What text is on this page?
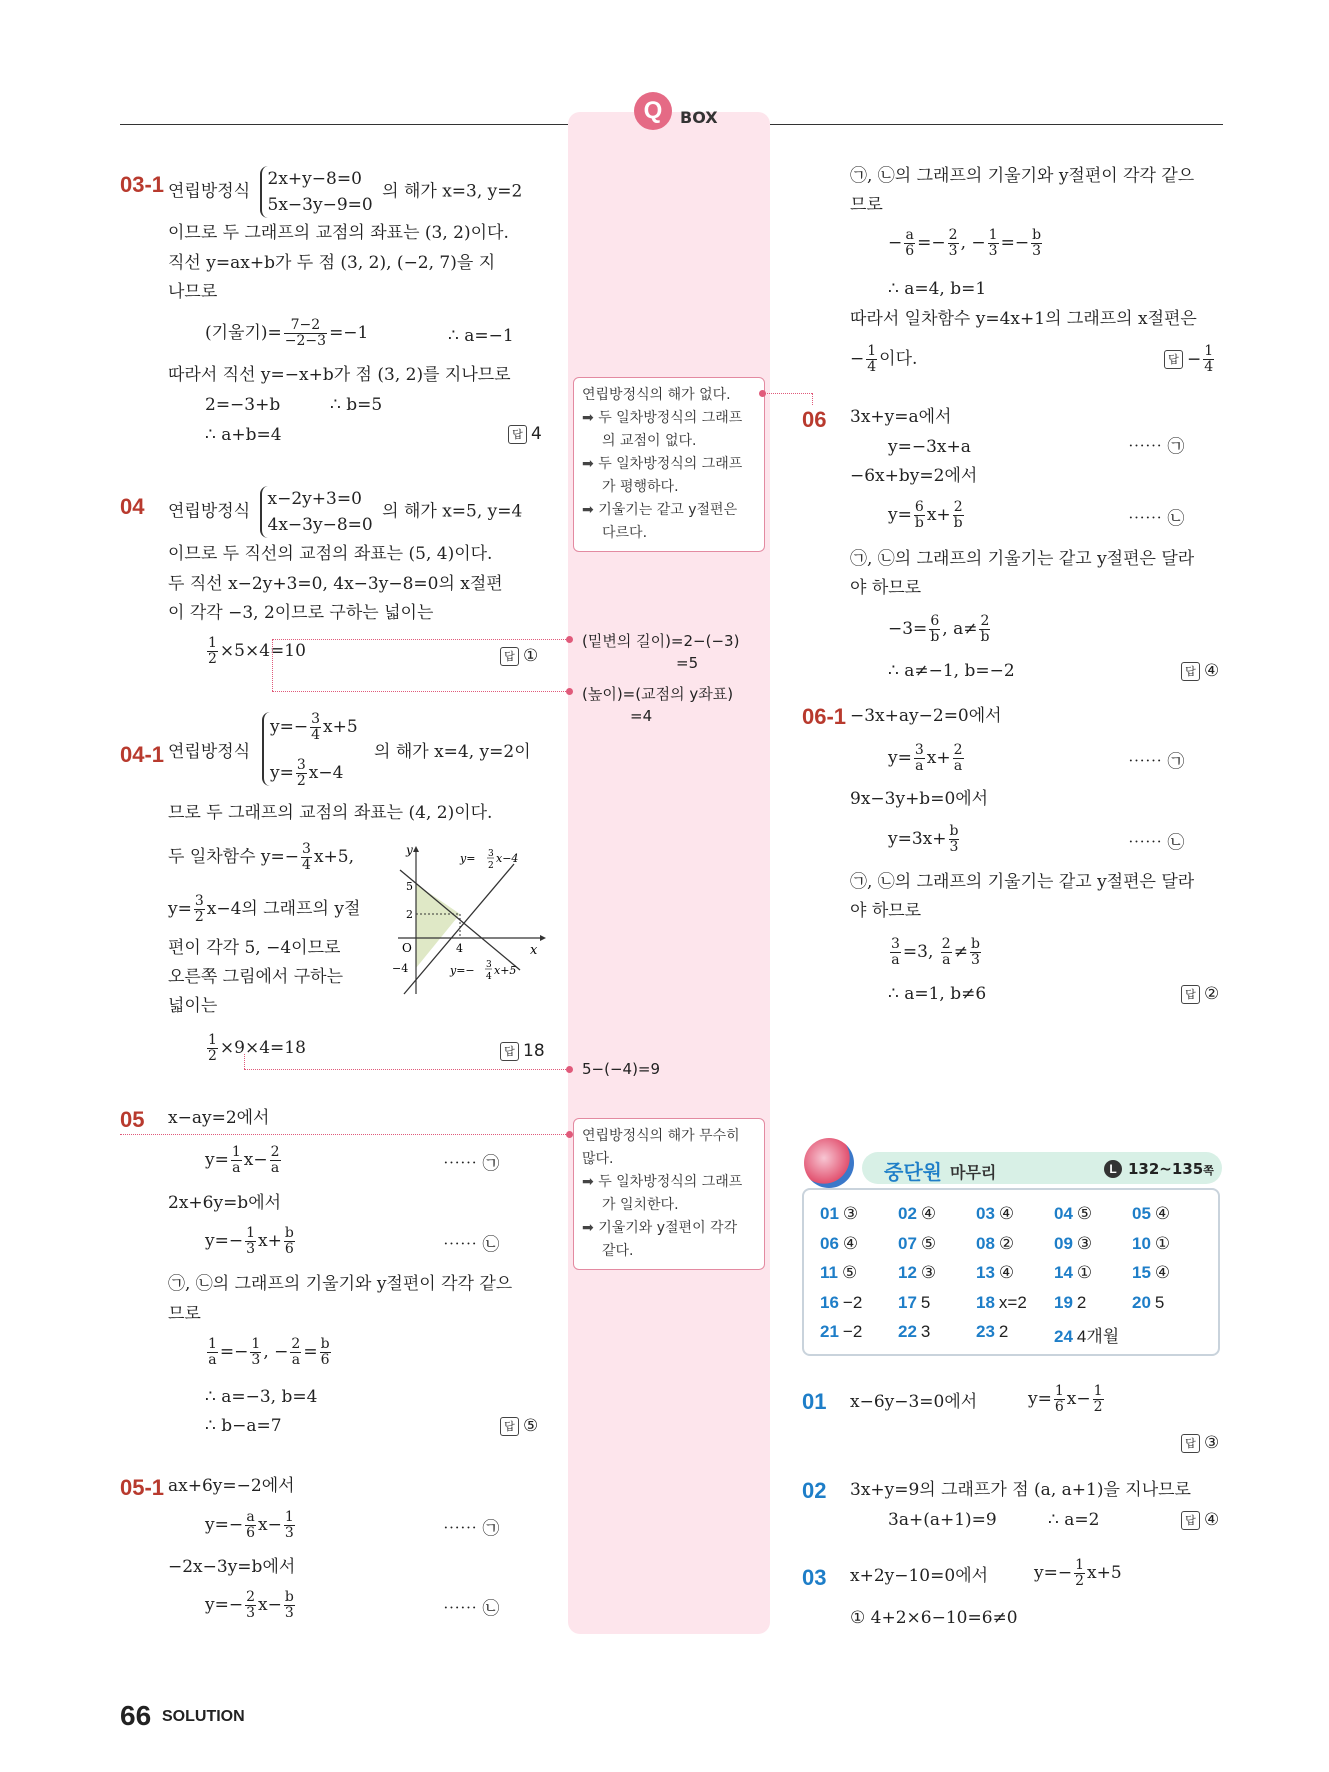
Q	BOX
03-1 연립방정식 2x+y−8=0
5x−3y−9=0 의 해가 x=3, y=2
이므로 두 그래프의 교점의 좌표는 (3, 2)이다.
직선 y=ax+b가 두 점 (3, 2), (−2, 7)을 지
나므로
(기울기)= $\frac{7-2}{-2-3} =-1$	∴ a=−1
따라서 직선 y=−x+b가 점 (3, 2)를 지나므로
2=−3+b	∴ b=5
∴ a+b=4	답 4
04 연립방정식 x−2y+3=0
4x−3y−8=0 의 해가 x=5, y=4
이므로 두 직선의 교점의 좌표는 (5, 4)이다.
두 직선 x−2y+3=0, 4x−3y−8=0의 x절편
이 각각 −3, 2이므로 구하는 넓이는
$\frac{1}{2} \times 5\times 4=10$	답 ①
04-1 연립방정식
$y=- \frac{3}{4} x+5$
$y= \frac{3}{2} x-4$
의 해가 x=4, y=2이
므로 두 그래프의 교점의 좌표는 (4, 2)이다.
두 일차함수 $y=- \frac{3}{4} x+5$,
$y= \frac{3}{2} x-4$의 그래프의 y절
편이 각각 5, −4이므로
오른쪽 그림에서 구하는
넓이는
y
x
O
5
2
4
−4
y= 3
2
x−4
y=− 3
4 x+5
$\frac{1}{2} \times 9\times 4=18$	답 18
05 x−ay=2에서
$y= \frac{1}{a} x- \frac{2}{a}$	⋯⋯ ㉠
2x+6y=b에서
$y=- \frac{1}{3} x+ \frac{b}{6}$	⋯⋯ ㉡
㉠, ㉡의 그래프의 기울기와 y절편이 각각 같으
므로
$\frac{1}{a} =- \frac{1}{3}$ , − $\frac{2}{a} = \frac{b}{6}$
∴ a=−3, b=4
∴ b−a=7	답 ⑤
05-1 ax+6y=−2에서
$y=- \frac{a}{6} x- \frac{1}{3}$	⋯⋯ ㉠
−2x−3y=b에서
$y=- \frac{2}{3} x- \frac{b}{3}$	⋯⋯ ㉡
연립방정식의 해가 없다.
➡ 두 일차방정식의 그래프
의 교점이 없다.
➡ 두 일차방정식의 그래프
가 평행하다.
➡ 기울기는 같고 y절편은
다르다.
(밑변의 길이)=2−(−3)
=5
(높이)=(교점의 y좌표)
=4
5−(−4)=9
연립방정식의 해가 무수히
많다.
➡ 두 일차방정식의 그래프
가 일치한다.
➡ 기울기와 y절편이 각각
같다.
㉠, ㉡의 그래프의 기울기와 y절편이 각각 같으
므로
− $\frac{a}{6} =- \frac{2}{3}$ , − $\frac{1}{3} =- \frac{b}{3}$
∴ a=4, b=1
따라서 일차함수 y=4x+1의 그래프의 x절편은
− $\frac{1}{4}$ 이다.	답 − $\frac{1}{4}$
06 3x+y=a에서
y=−3x+a	⋯⋯ ㉠
−6x+by=2에서
$y= \frac{6}{b} x+ \frac{2}{b}$	⋯⋯ ㉡
㉠, ㉡의 그래프의 기울기는 같고 y절편은 달라
야 하므로
$-3= \frac{6}{b}$ , $a\ne \frac{2}{b}$
∴ a≠−1, b=−2	답 ④
06-1 −3x+ay−2=0에서
$y= \frac{3}{a} x+ \frac{2}{a}$	⋯⋯ ㉠
9x−3y+b=0에서
$y=3x+ \frac{b}{3}$	⋯⋯ ㉡
㉠, ㉡의 그래프의 기울기는 같고 y절편은 달라
야 하므로
$\frac{3}{a} =3$, $\frac{2}{a} \ne \frac{b}{3}$
∴ a=1, b≠6	답 ②
중단원 마무리	L 132~135쪽
01 ③ 02 ④ 03 ④ 04 ⑤ 05 ④
06 ④ 07 ⑤ 08 ② 09 ③ 10 ①
11 ⑤ 12 ③ 13 ④ 14 ① 15 ④
16 −2 17 5	18 x=2 19 2	20 5
21 −2 22 3	23 2	24 4개월
01 x−6y−3=0에서	$y= \frac{1}{6} x- \frac{1}{2}$
답 ③
02 3x+y=9의 그래프가 점 (a, a+1)을 지나므로
3a+(a+1)=9	∴ a=2	답 ④
03 x+2y−10=0에서	$y=- \frac{1}{2} x+5$
① 4+2×6−10=6≠0
66 SOLUTION
